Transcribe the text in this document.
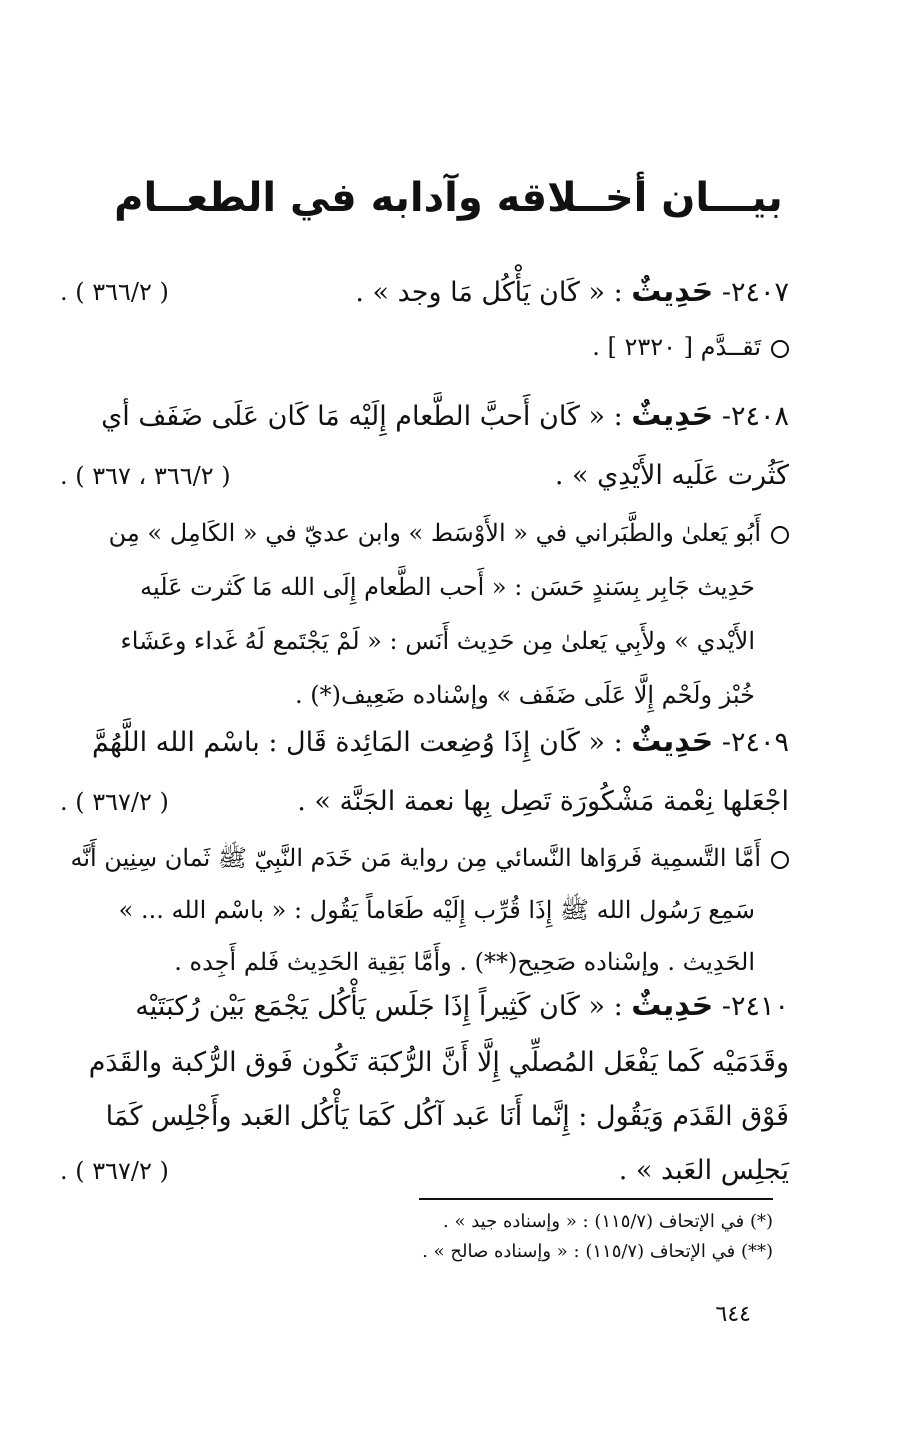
بيـــان أخــلاقه وآدابه في الطعــام
٢٤٠٧- حَدِيثٌ : « كَان يَأْكُل مَا وجد » .
( ٣٦٦/٢ ) .
تَقــدَّم [ ٢٣٢٠ ] .
٢٤٠٨- حَدِيثٌ : « كَان أَحبَّ الطَّعام إِلَيْه مَا كَان عَلَى ضَفَف أي
كَثُرت عَلَيه الأَيْدِي » .
( ٣٦٦/٢ ، ٣٦٧ ) .
أَبُو يَعلىٰ والطَّبَراني في « الأَوْسَط » وابن عديّ في « الكَامِل » مِن
حَدِيث جَابِر بِسَندٍ حَسَن : « أَحب الطَّعام إِلَى الله مَا كَثرت عَلَيه
الأَيْدي » ولأَبِي يَعلىٰ مِن حَدِيث أَنَس : « لَمْ يَجْتَمع لَهُ غَداء وعَشَاء
خُبْز ولَحْم إِلَّا عَلَى ضَفَف » وإسْناده ضَعِيف(*) .
٢٤٠٩- حَدِيثٌ : « كَان إِذَا وُضِعت المَائِدة قَال : باسْم الله اللَّهُمَّ
اجْعَلها نِعْمة مَشْكُورَة تَصِل بِها نعمة الجَنَّة » .
( ٣٦٧/٢ ) .
أَمَّا التَّسمِية فَروَاها النَّسائي مِن رواية مَن خَدَم النَّبِيّ ﷺ ثَمان سِنِين أَنَّه
سَمِع رَسُول الله ﷺ إِذَا قُرِّب إِلَيْه طَعَاماً يَقُول : « باسْم الله ... »
الحَدِيث . وإسْناده صَحِيح(**) . وأَمَّا بَقِية الحَدِيث فَلم أَجِده .
٢٤١٠- حَدِيثٌ : « كَان كَثِيراً إِذَا جَلَس يَأْكُل يَجْمَع بَيْن رُكبَتَيْه
وقَدَمَيْه كَما يَفْعَل المُصلِّي إِلَّا أَنَّ الرُّكبَة تَكُون فَوق الرُّكبة والقَدَم
فَوْق القَدَم وَيَقُول : إِنَّما أَنَا عَبد آكُل كَمَا يَأْكُل العَبد وأَجْلِس كَمَا
يَجلِس العَبد » .
( ٣٦٧/٢ ) .
(*) في الإتحاف (١١٥/٧) : « وإسناده جيد » .
(**) في الإتحاف (١١٥/٧) : « وإسناده صالح » .
٦٤٤
